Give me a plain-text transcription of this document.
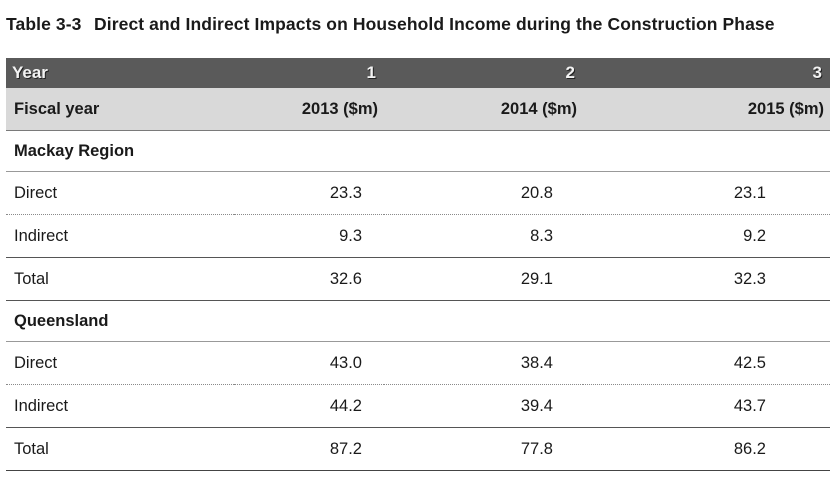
Table 3-3 Direct and Indirect Impacts on Household Income during the Construction Phase
Year	1	2	3
Fiscal year	2013 ($m)	2014 ($m)	2015 ($m)
Mackay Region			
Direct	23.3	20.8	23.1
Indirect	9.3	8.3	9.2
Total	32.6	29.1	32.3
Queensland			
Direct	43.0	38.4	42.5
Indirect	44.2	39.4	43.7
Total	87.2	77.8	86.2
